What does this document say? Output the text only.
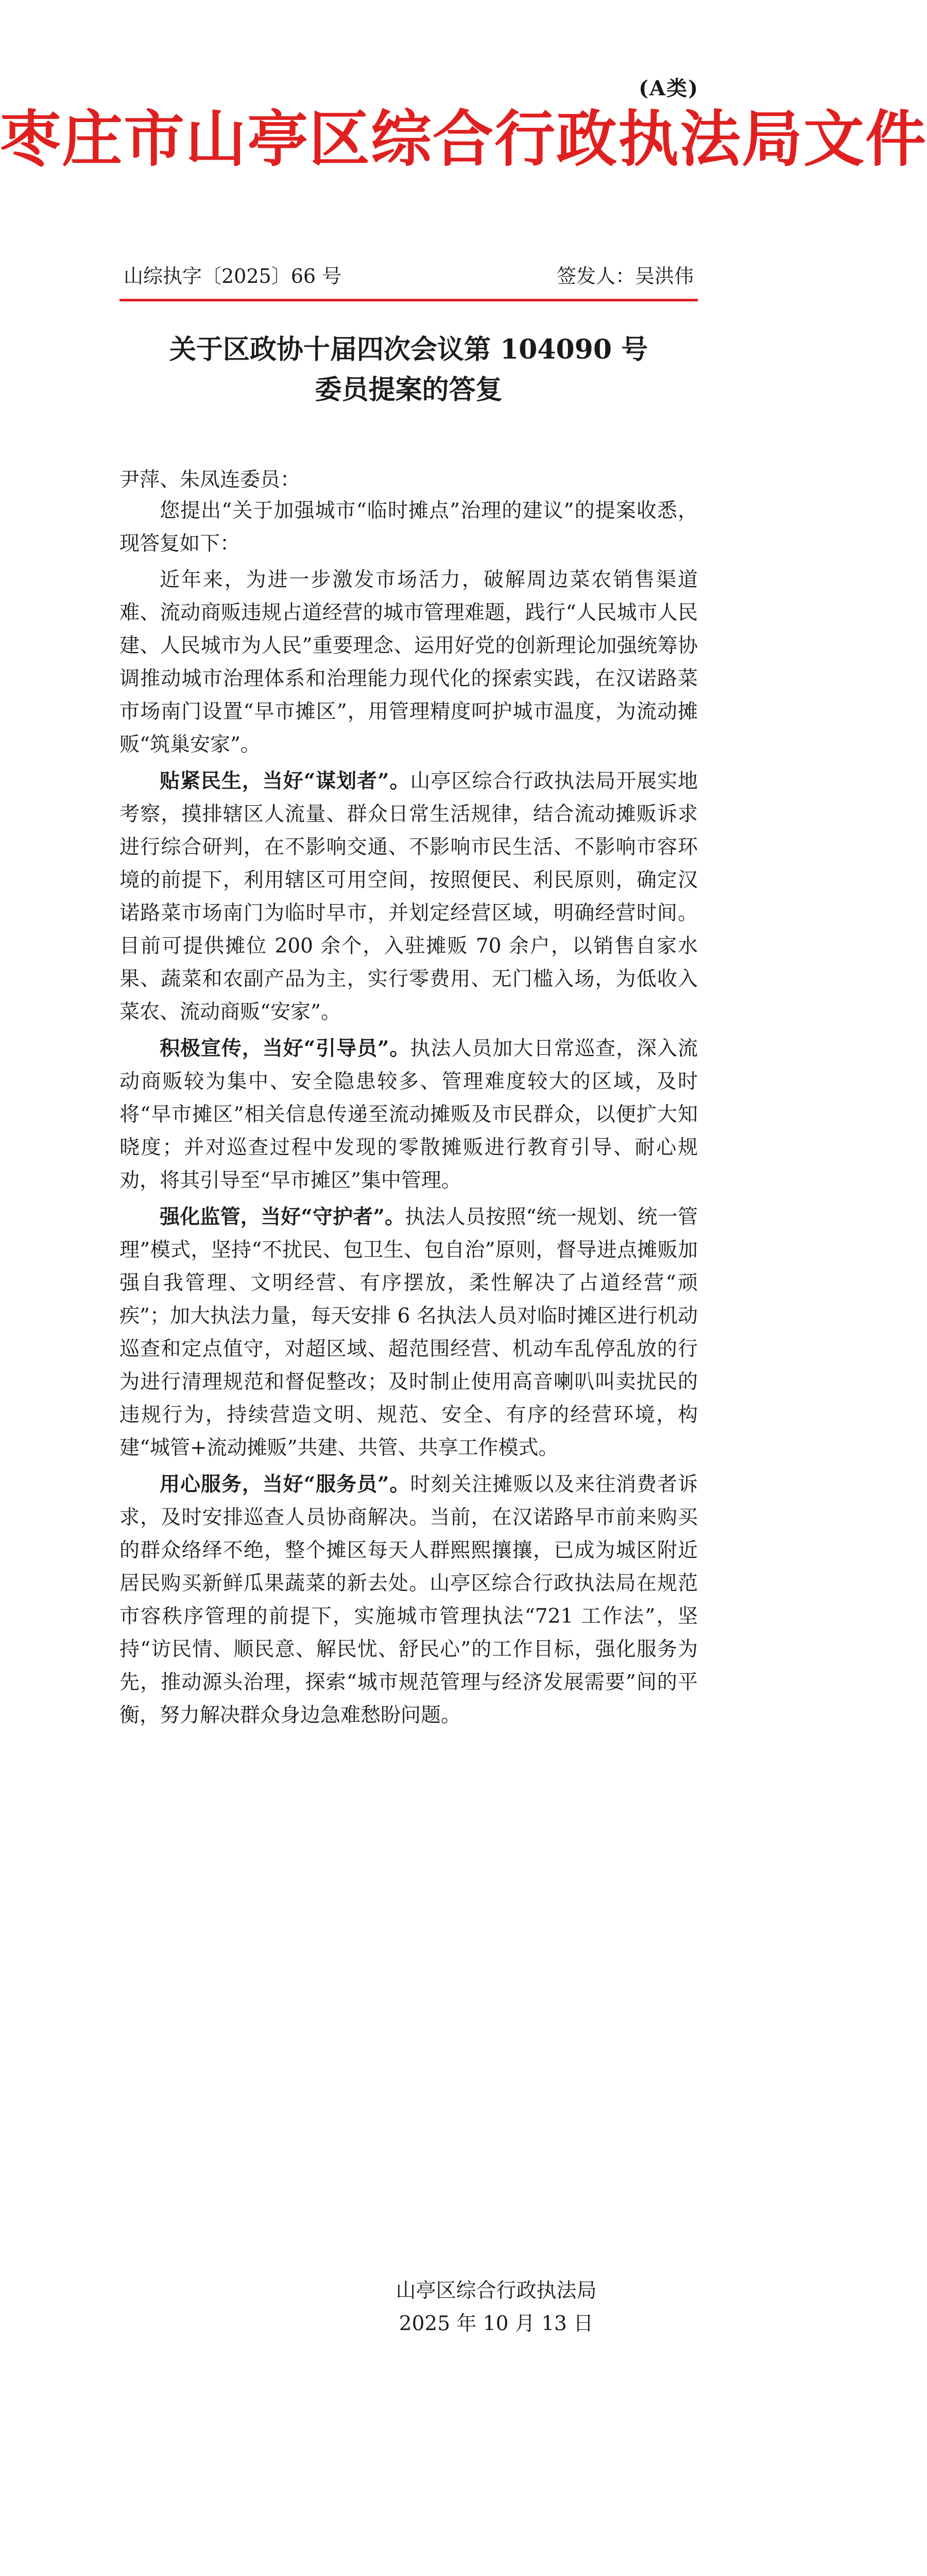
(A类)
枣庄市山亭区综合行政执法局文件
山综执字〔2025〕66 号	签发人：吴洪伟
关于区政协十届四次会议第 104090 号
委员提案的答复
尹萍、朱凤连委员：

您提出“关于加强城市“临时摊点”治理的建议”的提案收悉，现答复如下：

近年来，为进一步激发市场活力，破解周边菜农销售渠道难、流动商贩违规占道经营的城市管理难题，践行“人民城市人民建、人民城市为人民”重要理念、运用好党的创新理论加强统筹协调推动城市治理体系和治理能力现代化的探索实践，在汉诺路菜市场南门设置“早市摊区”，用管理精度呵护城市温度，为流动摊贩“筑巢安家”。

贴紧民生，当好“谋划者”。山亭区综合行政执法局开展实地考察，摸排辖区人流量、群众日常生活规律，结合流动摊贩诉求进行综合研判，在不影响交通、不影响市民生活、不影响市容环境的前提下，利用辖区可用空间，按照便民、利民原则，确定汉诺路菜市场南门为临时早市，并划定经营区域，明确经营时间。目前可提供摊位 200 余个，入驻摊贩 70 余户，以销售自家水果、蔬菜和农副产品为主，实行零费用、无门槛入场，为低收入菜农、流动商贩“安家”。

积极宣传，当好“引导员”。执法人员加大日常巡查，深入流动商贩较为集中、安全隐患较多、管理难度较大的区域，及时将“早市摊区”相关信息传递至流动摊贩及市民群众，以便扩大知晓度；并对巡查过程中发现的零散摊贩进行教育引导、耐心规劝，将其引导至“早市摊区”集中管理。

强化监管，当好“守护者”。执法人员按照“统一规划、统一管理”模式，坚持“不扰民、包卫生、包自治”原则，督导进点摊贩加强自我管理、文明经营、有序摆放，柔性解决了占道经营“顽疾”；加大执法力量，每天安排 6 名执法人员对临时摊区进行机动巡查和定点值守，对超区域、超范围经营、机动车乱停乱放的行为进行清理规范和督促整改；及时制止使用高音喇叭叫卖扰民的违规行为，持续营造文明、规范、安全、有序的经营环境，构建“城管+流动摊贩”共建、共管、共享工作模式。

用心服务，当好“服务员”。时刻关注摊贩以及来往消费者诉求，及时安排巡查人员协商解决。当前，在汉诺路早市前来购买的群众络绎不绝，整个摊区每天人群熙熙攘攘，已成为城区附近居民购买新鲜瓜果蔬菜的新去处。山亭区综合行政执法局在规范市容秩序管理的前提下，实施城市管理执法“721 工作法”，坚持“访民情、顺民意、解民忧、舒民心”的工作目标，强化服务为先，推动源头治理，探索“城市规范管理与经济发展需要”间的平衡，努力解决群众身边急难愁盼问题。

山亭区综合行政执法局
2025 年 10 月 13 日
